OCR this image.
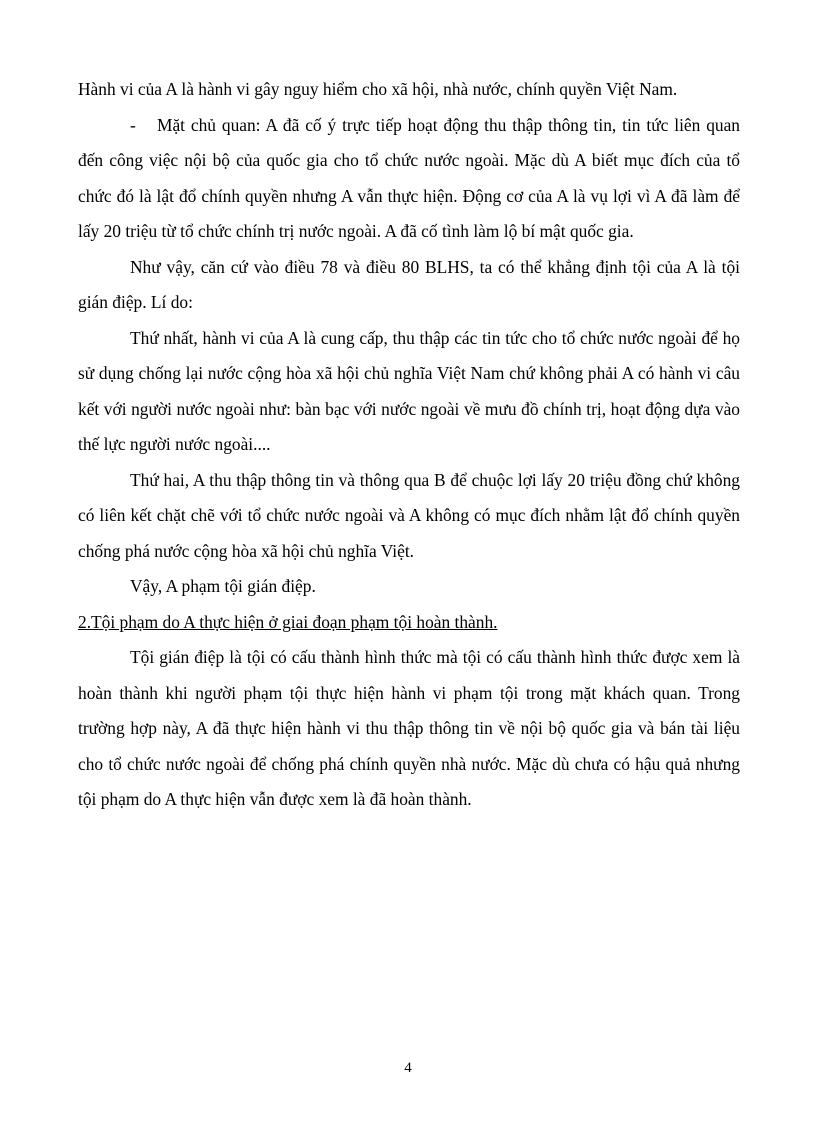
Hành vi của A là hành vi gây nguy hiểm cho xã hội, nhà nước, chính quyền Việt Nam.

- Mặt chủ quan: A đã cố ý trực tiếp hoạt động thu thập thông tin, tin tức liên quan đến công việc nội bộ của quốc gia cho tổ chức nước ngoài. Mặc dù A biết mục đích của tổ chức đó là lật đổ chính quyền nhưng A vẫn thực hiện. Động cơ của A là vụ lợi vì A đã làm để lấy 20 triệu từ tổ chức chính trị nước ngoài. A đã cố tình làm lộ bí mật quốc gia.

Như vậy, căn cứ vào điều 78 và điều 80 BLHS, ta có thể khẳng định tội của A là tội gián điệp. Lí do:

Thứ nhất, hành vi của A là cung cấp, thu thập các tin tức cho tổ chức nước ngoài để họ sử dụng chống lại nước cộng hòa xã hội chủ nghĩa Việt Nam chứ không phải A có hành vi câu kết với người nước ngoài như: bàn bạc với nước ngoài về mưu đồ chính trị, hoạt động dựa vào thế lực người nước ngoài....

Thứ hai, A thu thập thông tin và thông qua B để chuộc lợi lấy 20 triệu đồng chứ không có liên kết chặt chẽ với tổ chức nước ngoài và A không có mục đích nhằm lật đổ chính quyền chống phá nước cộng hòa xã hội chủ nghĩa Việt.

Vậy, A phạm tội gián điệp.

2.Tội phạm do A thực hiện ở giai đoạn phạm tội hoàn thành.

Tội gián điệp là tội có cấu thành hình thức mà tội có cấu thành hình thức được xem là hoàn thành khi người phạm tội thực hiện hành vi phạm tội trong mặt khách quan. Trong trường hợp này, A đã thực hiện hành vi thu thập thông tin về nội bộ quốc gia và bán tài liệu cho tổ chức nước ngoài để chống phá chính quyền nhà nước. Mặc dù chưa có hậu quả nhưng tội phạm do A thực hiện vẫn được xem là đã hoàn thành.

4
